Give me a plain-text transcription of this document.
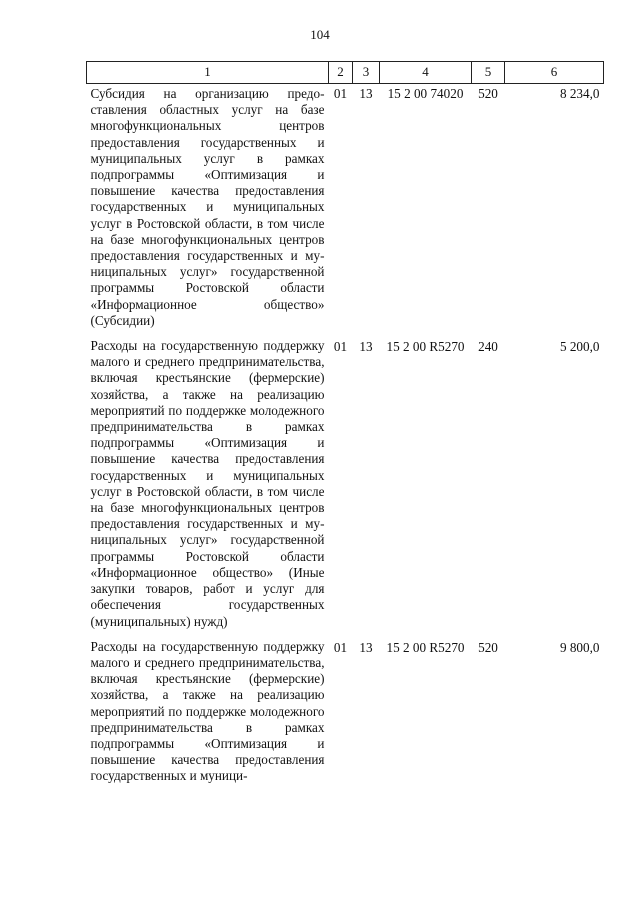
104
1	2	3	4	5	6
Субсидия на организацию предоставления областных услуг на базе многофункциональных центров предоставления государственных и муниципальных услуг в рамках подпрограммы «Оптимизация и повышение качества предоставления государственных и муниципальных услуг в Ростовской области, в том числе на базе многофункциональных центров предоставления государственных и муниципальных услуг» государственной программы Ростовской области «Информационное общество» (Субсидии)	01	13	15 2 00 74020	520	8 234,0
Расходы на государственную поддержку малого и среднего предпринимательства, включая крестьянские (фермерские) хозяйства, а также на реализацию мероприятий по поддержке молодежного предпринимательства в рамках подпрограммы «Оптимизация и повышение качества предоставления государственных и муниципальных услуг в Ростовской области, в том числе на базе многофункциональных центров предоставления государственных и муниципальных услуг» государственной программы Ростовской области «Информационное общество» (Иные закупки товаров, работ и услуг для обеспечения государственных (муниципальных) нужд)	01	13	15 2 00 R5270	240	5 200,0
Расходы на государственную поддержку малого и среднего предпринимательства, включая крестьянские (фермерские) хозяйства, а также на реализацию мероприятий по поддержке молодежного предпринимательства в рамках подпрограммы «Оптимизация и повышение качества предоставления государственных и муници-	01	13	15 2 00 R5270	520	9 800,0
